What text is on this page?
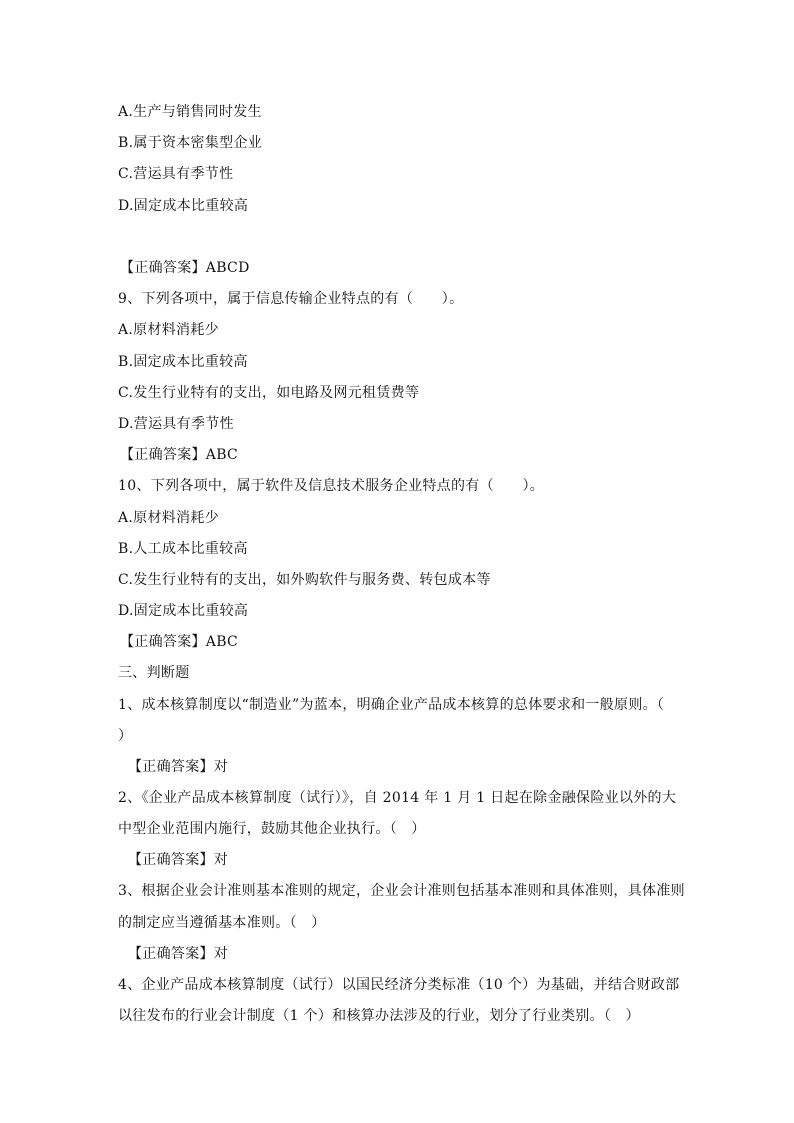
A.生产与销售同时发生

B.属于资本密集型企业

C.营运具有季节性

D.固定成本比重较高

【正确答案】ABCD

9、下列各项中，属于信息传输企业特点的有（　　）。

A.原材料消耗少

B.固定成本比重较高

C.发生行业特有的支出，如电路及网元租赁费等

D.营运具有季节性

【正确答案】ABC

10、下列各项中，属于软件及信息技术服务企业特点的有（　　）。

A.原材料消耗少

B.人工成本比重较高

C.发生行业特有的支出，如外购软件与服务费、转包成本等

D.固定成本比重较高

【正确答案】ABC

三、判断题

1、成本核算制度以“制造业”为蓝本，明确企业产品成本核算的总体要求和一般原则。（

）

【正确答案】对

2、《企业产品成本核算制度（试行）》，自 2014 年 1 月 1 日起在除金融保险业以外的大

中型企业范围内施行，鼓励其他企业执行。（　）

【正确答案】对

3、根据企业会计准则基本准则的规定，企业会计准则包括基本准则和具体准则，具体准则

的制定应当遵循基本准则。（　）

【正确答案】对

4、企业产品成本核算制度（试行）以国民经济分类标准（10 个）为基础，并结合财政部

以往发布的行业会计制度（1 个）和核算办法涉及的行业，划分了行业类别。（　）
